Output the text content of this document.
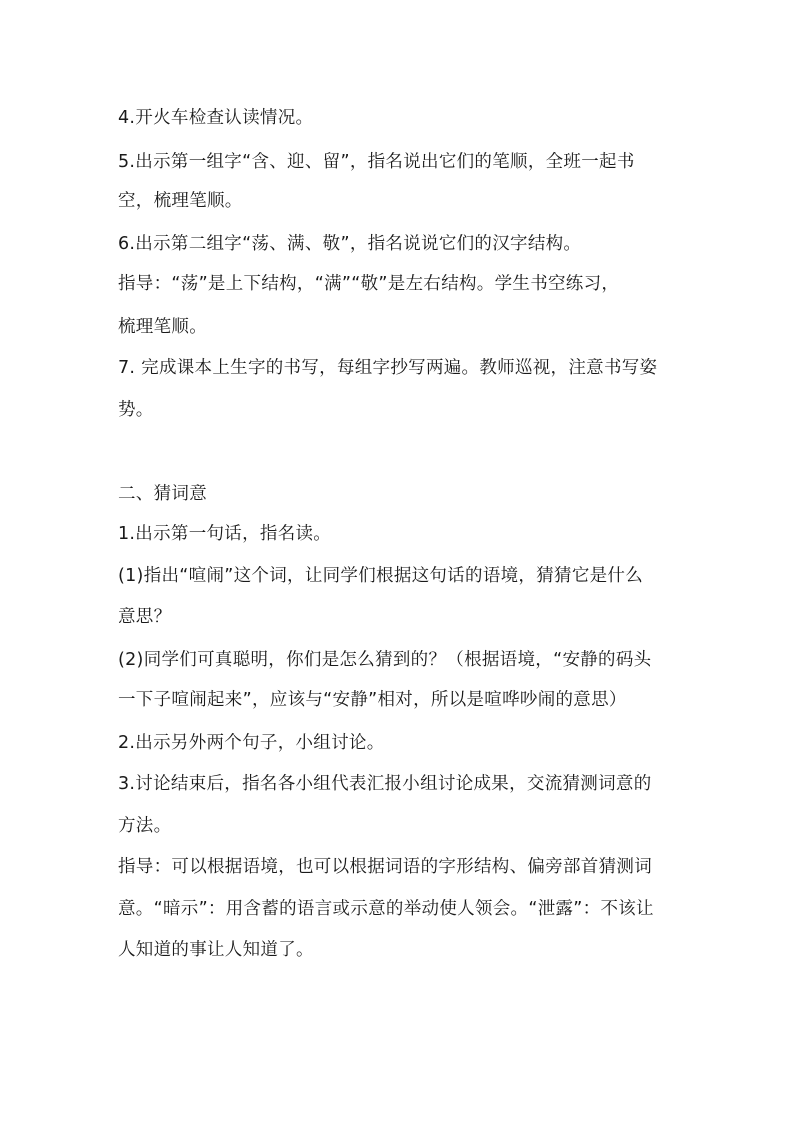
4.开火车检查认读情况。
5.出示第一组字“含、迎、留”，指名说出它们的笔顺，全班一起书
空，梳理笔顺。
6.出示第二组字“荡、满、敬”，指名说说它们的汉字结构。
指导：“荡”是上下结构，“满”“敬”是左右结构。学生书空练习，
梳理笔顺。
7. 完成课本上生字的书写，每组字抄写两遍。教师巡视，注意书写姿
势。
二、猜词意
1.出示第一句话，指名读。
(1)指出“喧闹”这个词，让同学们根据这句话的语境，猜猜它是什么
意思？
(2)同学们可真聪明，你们是怎么猜到的？（根据语境，“安静的码头
一下子喧闹起来”，应该与“安静”相对，所以是喧哗吵闹的意思）
2.出示另外两个句子，小组讨论。
3.讨论结束后，指名各小组代表汇报小组讨论成果，交流猜测词意的
方法。
指导：可以根据语境，也可以根据词语的字形结构、偏旁部首猜测词
意。“暗示”：用含蓄的语言或示意的举动使人领会。“泄露”：不该让
人知道的事让人知道了。
